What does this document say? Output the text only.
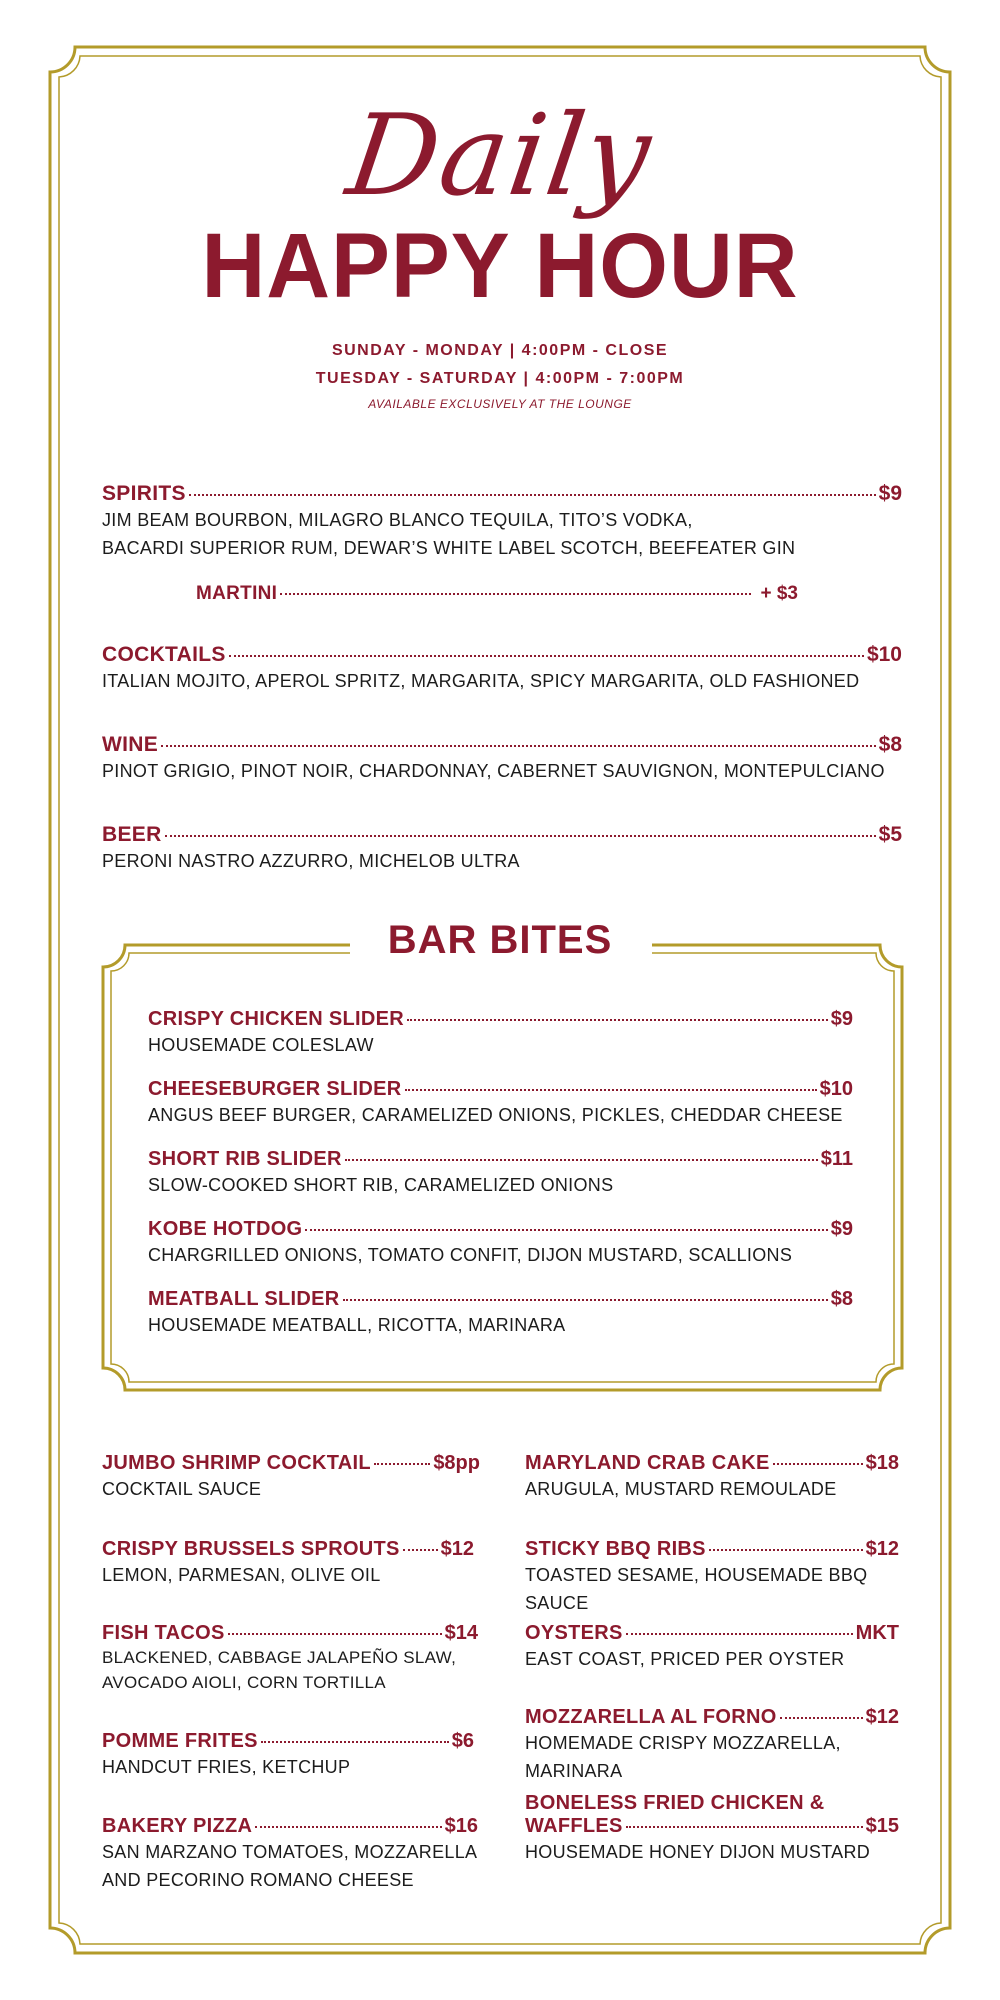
Daily
HAPPY HOUR
SUNDAY - MONDAY | 4:00PM - CLOSE
TUESDAY - SATURDAY | 4:00PM - 7:00PM
AVAILABLE EXCLUSIVELY AT THE LOUNGE
SPIRITS	$9
JIM BEAM BOURBON, MILAGRO BLANCO TEQUILA, TITO’S VODKA,
BACARDI SUPERIOR RUM, DEWAR’S WHITE LABEL SCOTCH, BEEFEATER GIN
MARTINI	+ $3
COCKTAILS	$10
ITALIAN MOJITO, APEROL SPRITZ, MARGARITA, SPICY MARGARITA, OLD FASHIONED
WINE	$8
PINOT GRIGIO, PINOT NOIR, CHARDONNAY, CABERNET SAUVIGNON, MONTEPULCIANO
BEER	$5
PERONI NASTRO AZZURRO, MICHELOB ULTRA
BAR BITES
CRISPY CHICKEN SLIDER	$9
HOUSEMADE COLESLAW
CHEESEBURGER SLIDER	$10
ANGUS BEEF BURGER, CARAMELIZED ONIONS, PICKLES, CHEDDAR CHEESE
SHORT RIB SLIDER	$11
SLOW-COOKED SHORT RIB, CARAMELIZED ONIONS
KOBE HOTDOG	$9
CHARGRILLED ONIONS, TOMATO CONFIT, DIJON MUSTARD, SCALLIONS
MEATBALL SLIDER	$8
HOUSEMADE MEATBALL, RICOTTA, MARINARA
JUMBO SHRIMP COCKTAIL	$8pp
COCKTAIL SAUCE
CRISPY BRUSSELS SPROUTS $12
LEMON, PARMESAN, OLIVE OIL
FISH TACOS	$14
BLACKENED, CABBAGE JALAPEÑO SLAW,
AVOCADO AIOLI, CORN TORTILLA
POMME FRITES	$6
HANDCUT FRIES, KETCHUP
BAKERY PIZZA	$16
SAN MARZANO TOMATOES, MOZZARELLA
AND PECORINO ROMANO CHEESE
MARYLAND CRAB CAKE	$18
ARUGULA, MUSTARD REMOULADE
STICKY BBQ RIBS	$12
TOASTED SESAME, HOUSEMADE BBQ SAUCE
OYSTERS	MKT
EAST COAST, PRICED PER OYSTER
MOZZARELLA AL FORNO	$12
HOMEMADE CRISPY MOZZARELLA, MARINARA
BONELESS FRIED CHICKEN &
WAFFLES	$15
HOUSEMADE HONEY DIJON MUSTARD
